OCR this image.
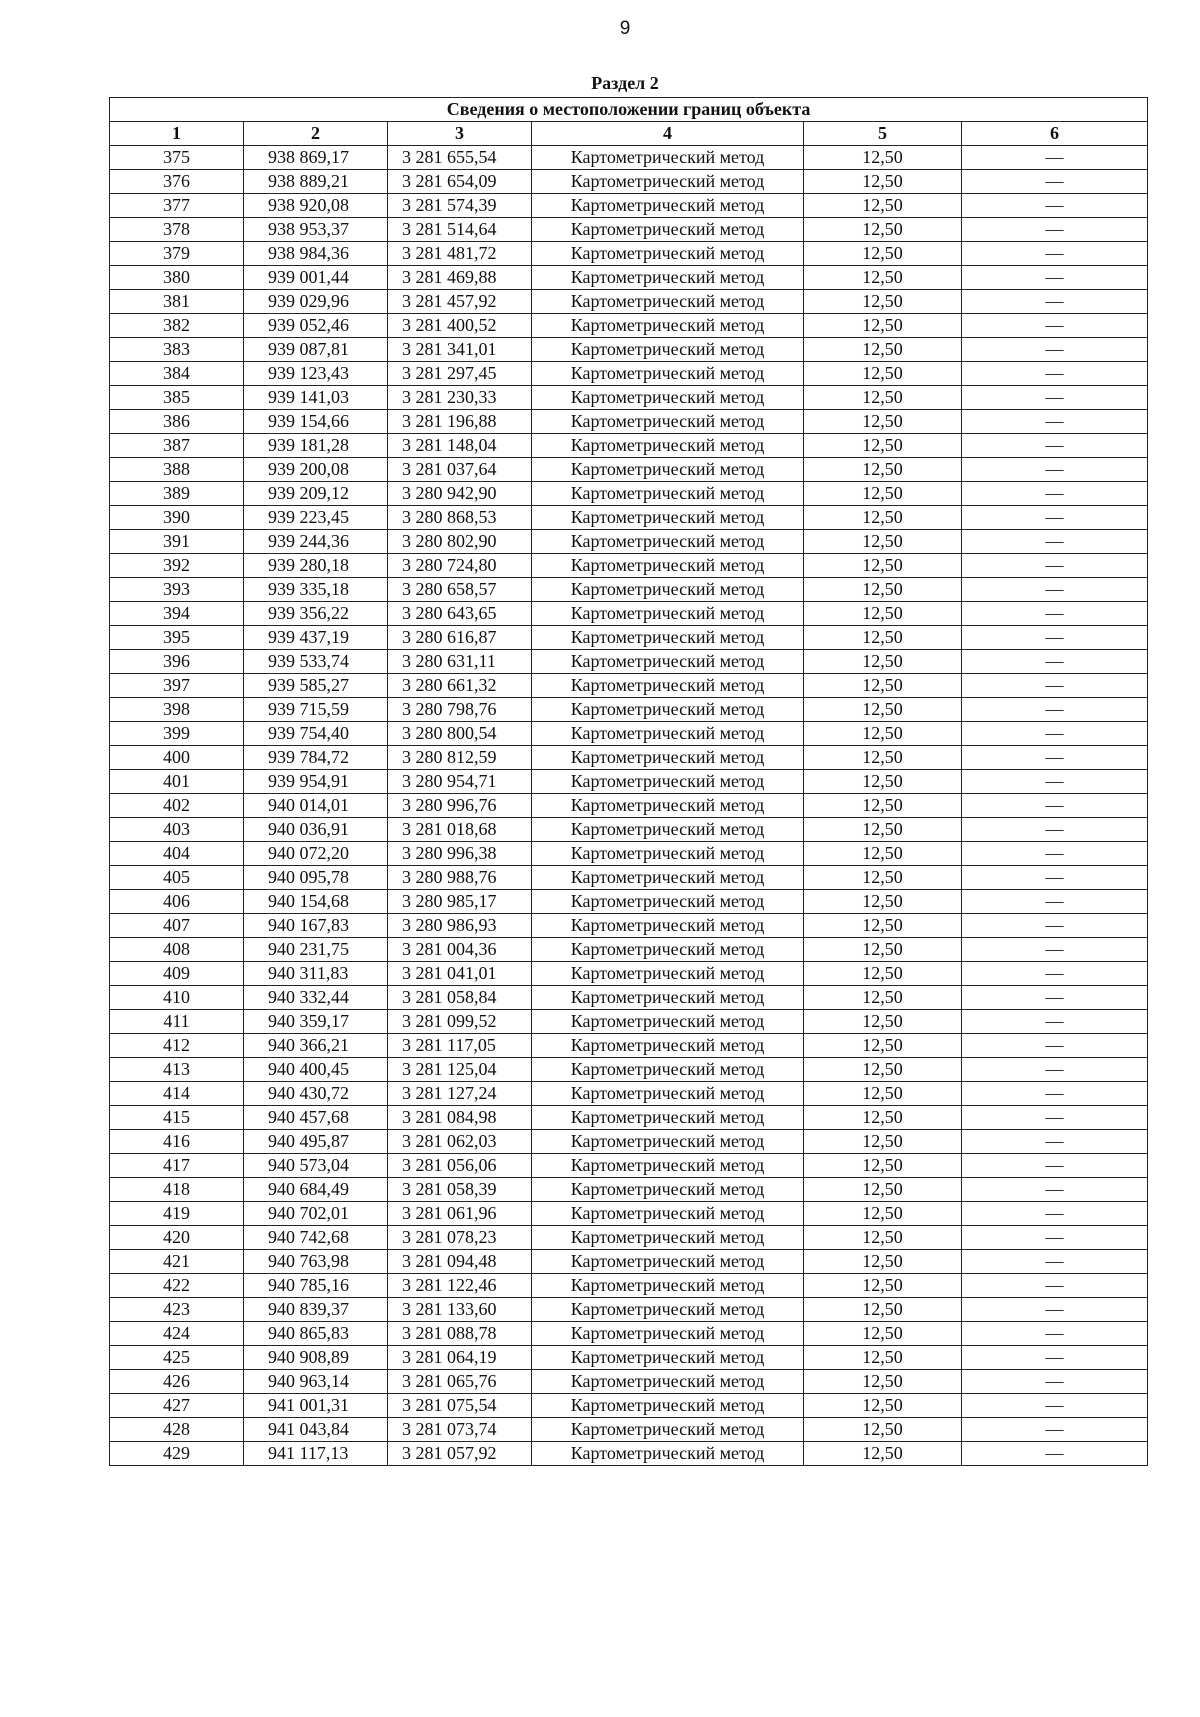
9
Раздел 2
Сведения о местоположении границ объекта					
1	2	3	4	5	6
375	938 869,17	3 281 655,54	Картометрический метод	12,50	—
376	938 889,21	3 281 654,09	Картометрический метод	12,50	—
377	938 920,08	3 281 574,39	Картометрический метод	12,50	—
378	938 953,37	3 281 514,64	Картометрический метод	12,50	—
379	938 984,36	3 281 481,72	Картометрический метод	12,50	—
380	939 001,44	3 281 469,88	Картометрический метод	12,50	—
381	939 029,96	3 281 457,92	Картометрический метод	12,50	—
382	939 052,46	3 281 400,52	Картометрический метод	12,50	—
383	939 087,81	3 281 341,01	Картометрический метод	12,50	—
384	939 123,43	3 281 297,45	Картометрический метод	12,50	—
385	939 141,03	3 281 230,33	Картометрический метод	12,50	—
386	939 154,66	3 281 196,88	Картометрический метод	12,50	—
387	939 181,28	3 281 148,04	Картометрический метод	12,50	—
388	939 200,08	3 281 037,64	Картометрический метод	12,50	—
389	939 209,12	3 280 942,90	Картометрический метод	12,50	—
390	939 223,45	3 280 868,53	Картометрический метод	12,50	—
391	939 244,36	3 280 802,90	Картометрический метод	12,50	—
392	939 280,18	3 280 724,80	Картометрический метод	12,50	—
393	939 335,18	3 280 658,57	Картометрический метод	12,50	—
394	939 356,22	3 280 643,65	Картометрический метод	12,50	—
395	939 437,19	3 280 616,87	Картометрический метод	12,50	—
396	939 533,74	3 280 631,11	Картометрический метод	12,50	—
397	939 585,27	3 280 661,32	Картометрический метод	12,50	—
398	939 715,59	3 280 798,76	Картометрический метод	12,50	—
399	939 754,40	3 280 800,54	Картометрический метод	12,50	—
400	939 784,72	3 280 812,59	Картометрический метод	12,50	—
401	939 954,91	3 280 954,71	Картометрический метод	12,50	—
402	940 014,01	3 280 996,76	Картометрический метод	12,50	—
403	940 036,91	3 281 018,68	Картометрический метод	12,50	—
404	940 072,20	3 280 996,38	Картометрический метод	12,50	—
405	940 095,78	3 280 988,76	Картометрический метод	12,50	—
406	940 154,68	3 280 985,17	Картометрический метод	12,50	—
407	940 167,83	3 280 986,93	Картометрический метод	12,50	—
408	940 231,75	3 281 004,36	Картометрический метод	12,50	—
409	940 311,83	3 281 041,01	Картометрический метод	12,50	—
410	940 332,44	3 281 058,84	Картометрический метод	12,50	—
411	940 359,17	3 281 099,52	Картометрический метод	12,50	—
412	940 366,21	3 281 117,05	Картометрический метод	12,50	—
413	940 400,45	3 281 125,04	Картометрический метод	12,50	—
414	940 430,72	3 281 127,24	Картометрический метод	12,50	—
415	940 457,68	3 281 084,98	Картометрический метод	12,50	—
416	940 495,87	3 281 062,03	Картометрический метод	12,50	—
417	940 573,04	3 281 056,06	Картометрический метод	12,50	—
418	940 684,49	3 281 058,39	Картометрический метод	12,50	—
419	940 702,01	3 281 061,96	Картометрический метод	12,50	—
420	940 742,68	3 281 078,23	Картометрический метод	12,50	—
421	940 763,98	3 281 094,48	Картометрический метод	12,50	—
422	940 785,16	3 281 122,46	Картометрический метод	12,50	—
423	940 839,37	3 281 133,60	Картометрический метод	12,50	—
424	940 865,83	3 281 088,78	Картометрический метод	12,50	—
425	940 908,89	3 281 064,19	Картометрический метод	12,50	—
426	940 963,14	3 281 065,76	Картометрический метод	12,50	—
427	941 001,31	3 281 075,54	Картометрический метод	12,50	—
428	941 043,84	3 281 073,74	Картометрический метод	12,50	—
429	941 117,13	3 281 057,92	Картометрический метод	12,50	—
